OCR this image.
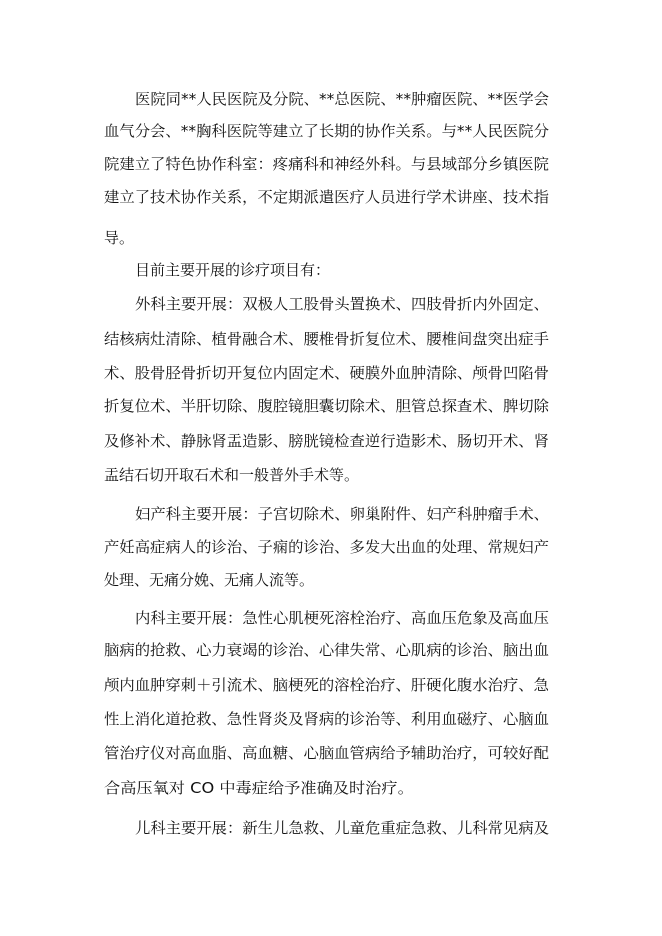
医院同**人民医院及分院、**总医院、**肿瘤医院、**医学会
血气分会、**胸科医院等建立了长期的协作关系。与**人民医院分
院建立了特色协作科室：疼痛科和神经外科。与县域部分乡镇医院
建立了技术协作关系，不定期派遣医疗人员进行学术讲座、技术指
导。
目前主要开展的诊疗项目有：
外科主要开展：双极人工股骨头置换术、四肢骨折内外固定、
结核病灶清除、植骨融合术、腰椎骨折复位术、腰椎间盘突出症手
术、股骨胫骨折切开复位内固定术、硬膜外血肿清除、颅骨凹陷骨
折复位术、半肝切除、腹腔镜胆囊切除术、胆管总探查术、脾切除
及修补术、静脉肾盂造影、膀胱镜检查逆行造影术、肠切开术、肾
盂结石切开取石术和一般普外手术等。
妇产科主要开展：子宫切除术、卵巢附件、妇产科肿瘤手术、
产妊高症病人的诊治、子痫的诊治、多发大出血的处理、常规妇产
处理、无痛分娩、无痛人流等。
内科主要开展：急性心肌梗死溶栓治疗、高血压危象及高血压
脑病的抢救、心力衰竭的诊治、心律失常、心肌病的诊治、脑出血
颅内血肿穿刺＋引流术、脑梗死的溶栓治疗、肝硬化腹水治疗、急
性上消化道抢救、急性肾炎及肾病的诊治等、利用血磁疗、心脑血
管治疗仪对高血脂、高血糖、心脑血管病给予辅助治疗，可较好配
合高压氧对 CO 中毒症给予准确及时治疗。
儿科主要开展：新生儿急救、儿童危重症急救、儿科常见病及
